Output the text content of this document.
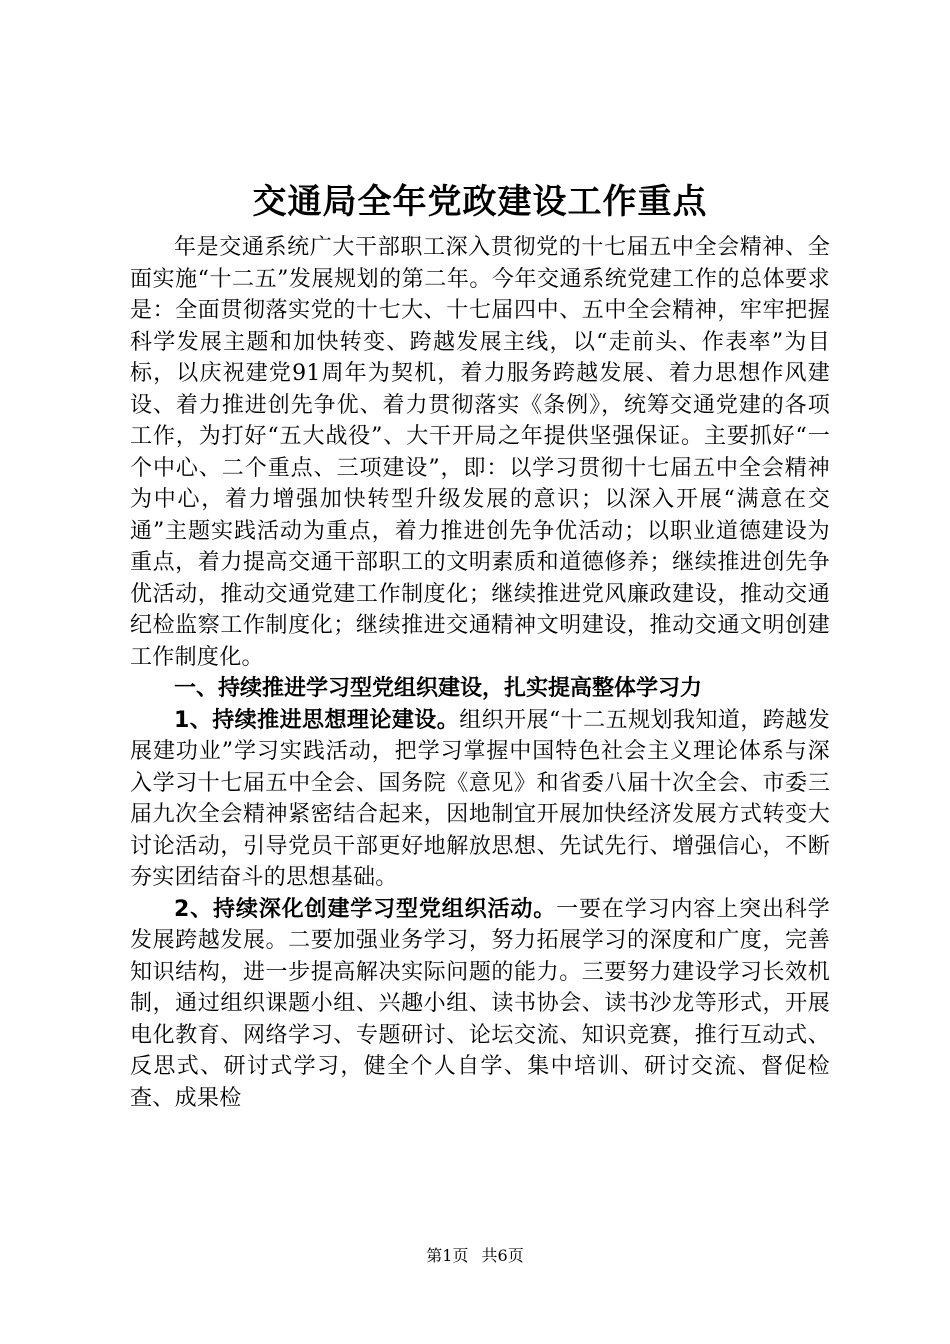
交通局全年党政建设工作重点

年是交通系统广大干部职工深入贯彻党的十七届五中全会精神、全面实施“十二五”发展规划的第二年。今年交通系统党建工作的总体要求是：全面贯彻落实党的十七大、十七届四中、五中全会精神，牢牢把握科学发展主题和加快转变、跨越发展主线，以“走前头、作表率”为目标，以庆祝建党91周年为契机，着力服务跨越发展、着力思想作风建设、着力推进创先争优、着力贯彻落实《条例》，统筹交通党建的各项工作，为打好“五大战役”、大干开局之年提供坚强保证。主要抓好“一个中心、二个重点、三项建设”，即：以学习贯彻十七届五中全会精神为中心，着力增强加快转型升级发展的意识；以深入开展“满意在交通”主题实践活动为重点，着力推进创先争优活动；以职业道德建设为重点，着力提高交通干部职工的文明素质和道德修养；继续推进创先争优活动，推动交通党建工作制度化；继续推进党风廉政建设，推动交通纪检监察工作制度化；继续推进交通精神文明建设，推动交通文明创建工作制度化。

一、持续推进学习型党组织建设，扎实提高整体学习力

1、持续推进思想理论建设。组织开展“十二五规划我知道，跨越发展建功业”学习实践活动，把学习掌握中国特色社会主义理论体系与深入学习十七届五中全会、国务院《意见》和省委八届十次全会、市委三届九次全会精神紧密结合起来，因地制宜开展加快经济发展方式转变大讨论活动，引导党员干部更好地解放思想、先试先行、增强信心，不断夯实团结奋斗的思想基础。

2、持续深化创建学习型党组织活动。一要在学习内容上突出科学发展跨越发展。二要加强业务学习，努力拓展学习的深度和广度，完善知识结构，进一步提高解决实际问题的能力。三要努力建设学习长效机制，通过组织课题小组、兴趣小组、读书协会、读书沙龙等形式，开展电化教育、网络学习、专题研讨、论坛交流、知识竞赛，推行互动式、反思式、研讨式学习，健全个人自学、集中培训、研讨交流、督促检查、成果检

第1页 共6页
